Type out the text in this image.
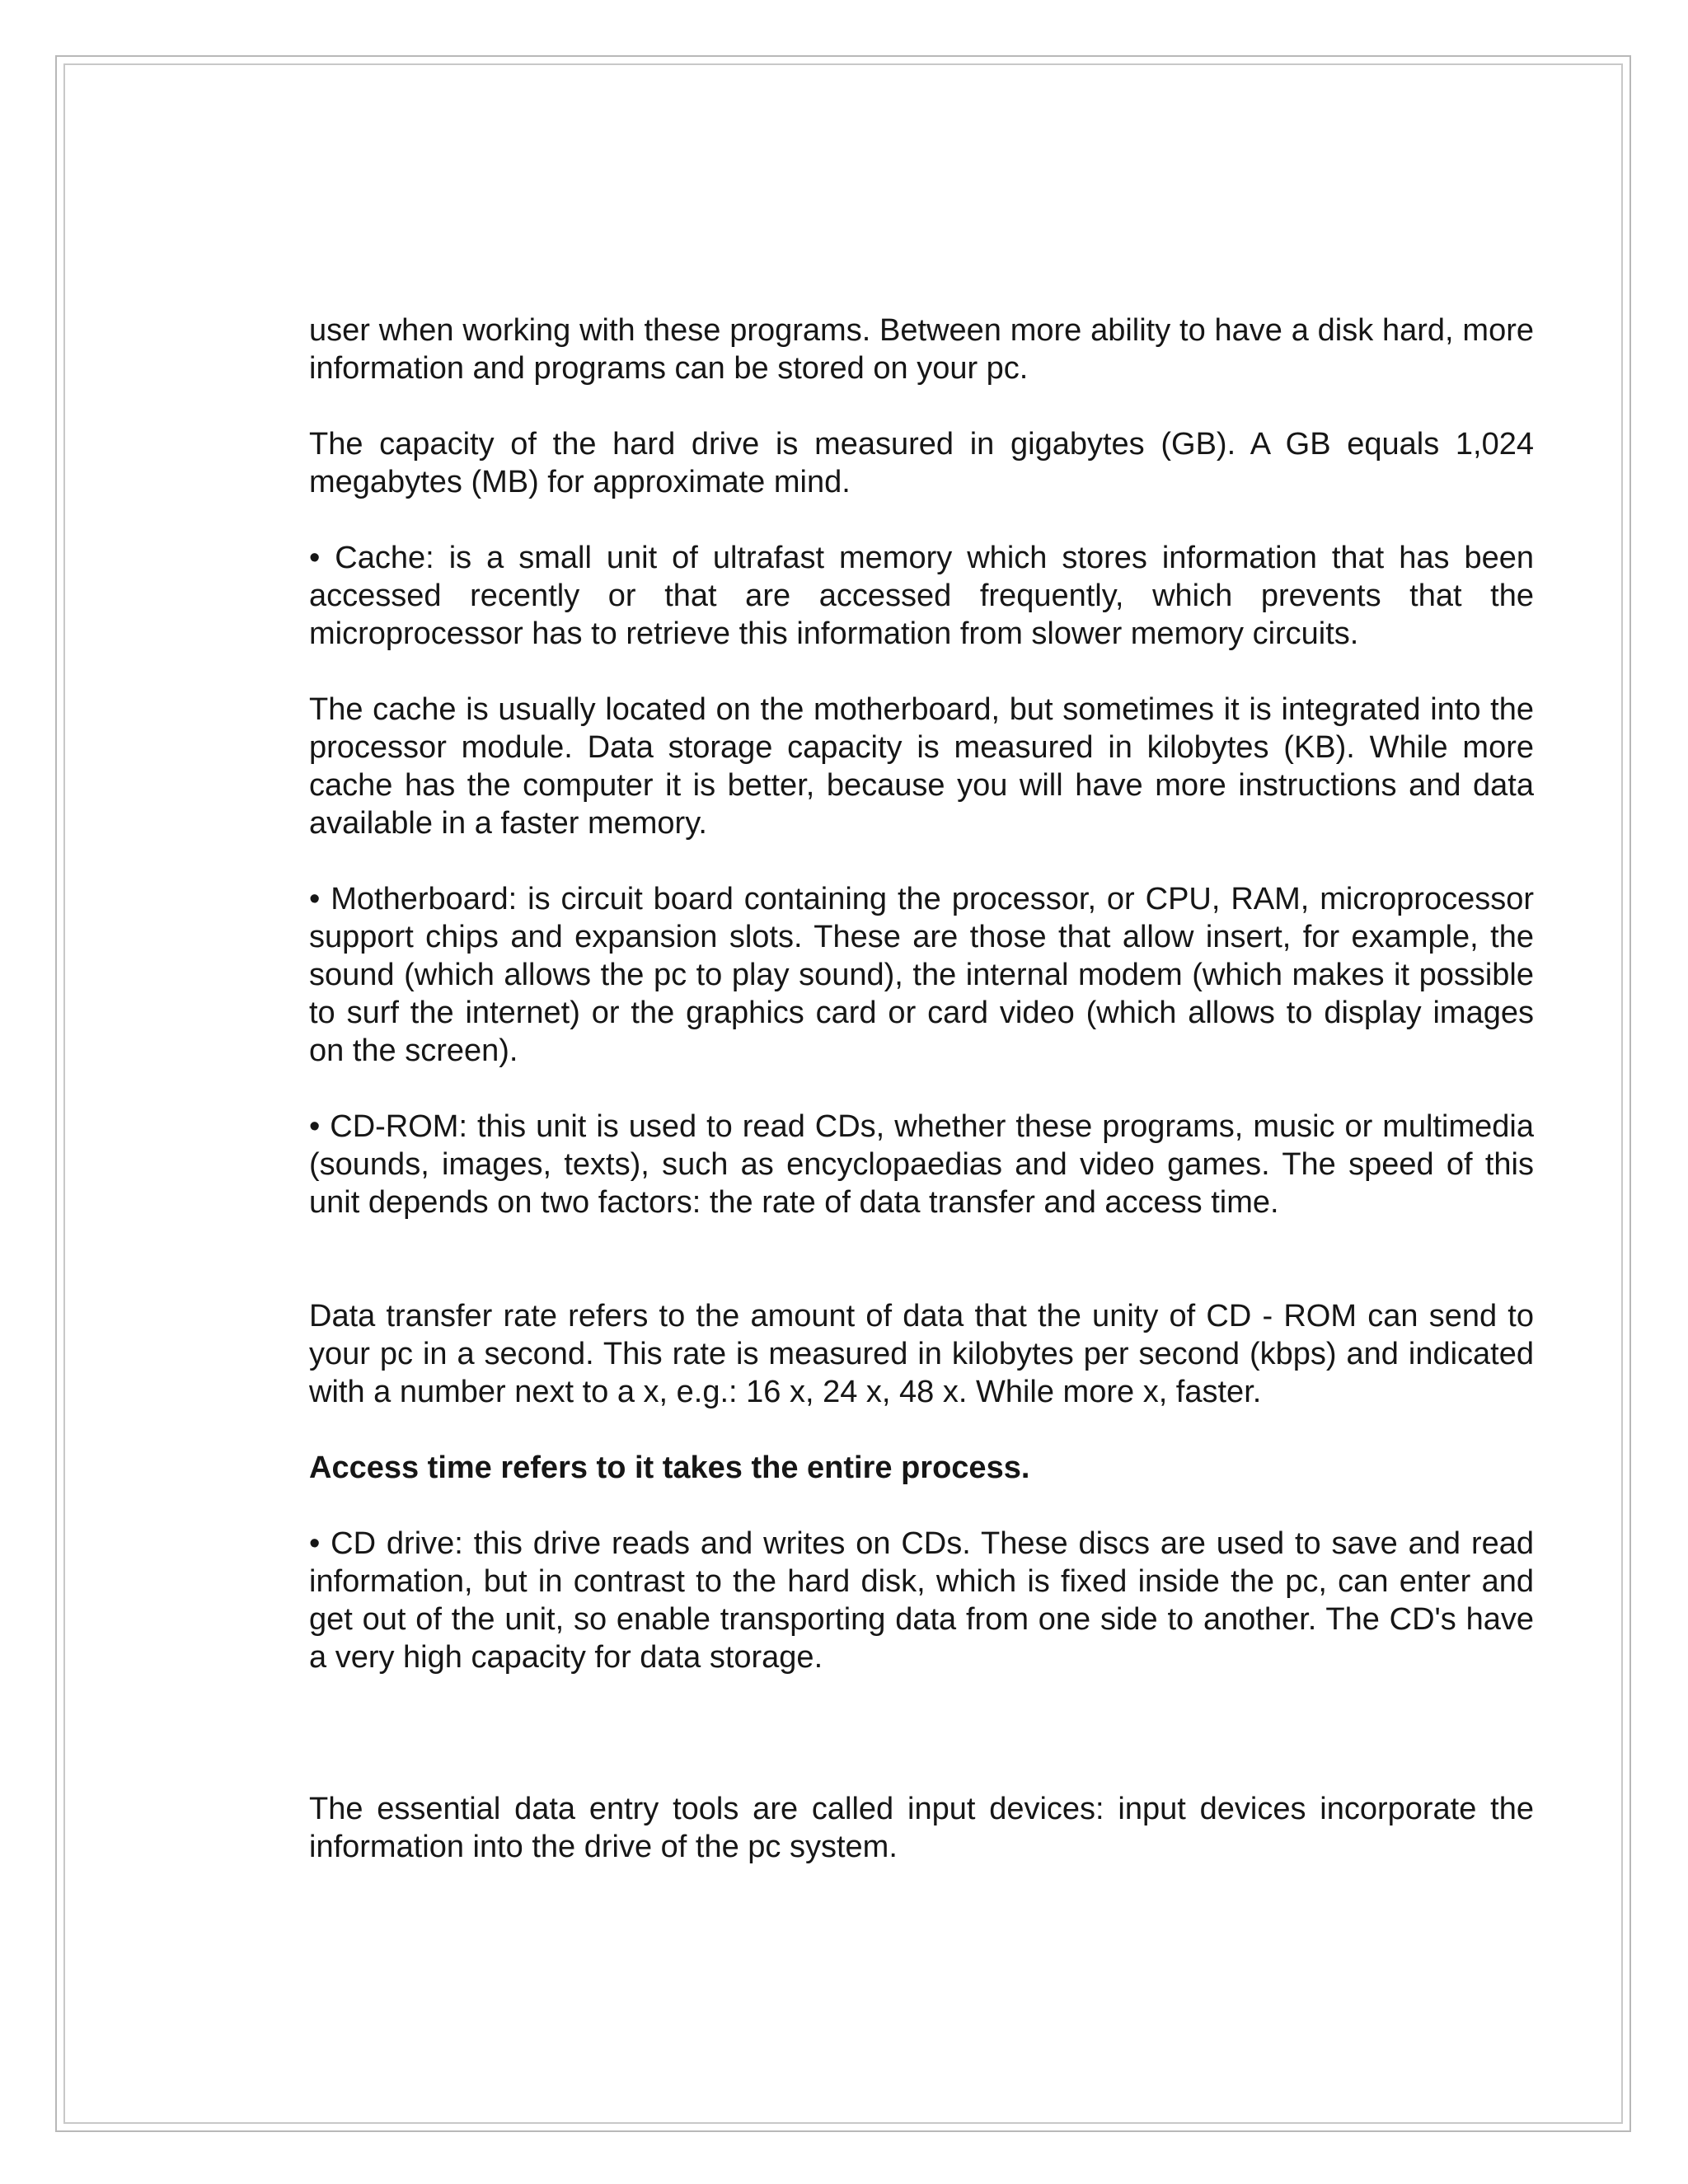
user when working with these programs. Between more ability to have a disk hard, more information and programs can be stored on your pc.

The capacity of the hard drive is measured in gigabytes (GB). A GB equals 1,024 megabytes (MB) for approximate mind.

• Cache: is a small unit of ultrafast memory which stores information that has been accessed recently or that are accessed frequently, which prevents that the microprocessor has to retrieve this information from slower memory circuits.

The cache is usually located on the motherboard, but sometimes it is integrated into the processor module. Data storage capacity is measured in kilobytes (KB). While more cache has the computer it is better, because you will have more instructions and data available in a faster memory.

• Motherboard: is circuit board containing the processor, or CPU, RAM, microprocessor support chips and expansion slots. These are those that allow insert, for example, the sound (which allows the pc to play sound), the internal modem (which makes it possible to surf the internet) or the graphics card or card video (which allows to display images on the screen).

• CD-ROM: this unit is used to read CDs, whether these programs, music or multimedia (sounds, images, texts), such as encyclopaedias and video games. The speed of this unit depends on two factors: the rate of data transfer and access time.

Data transfer rate refers to the amount of data that the unity of CD - ROM can send to your pc in a second. This rate is measured in kilobytes per second (kbps) and indicated with a number next to a x, e.g.: 16 x, 24 x, 48 x. While more x, faster.

Access time refers to it takes the entire process.

• CD drive: this drive reads and writes on CDs. These discs are used to save and read information, but in contrast to the hard disk, which is fixed inside the pc, can enter and get out of the unit, so enable transporting data from one side to another. The CD's have a very high capacity for data storage.

The essential data entry tools are called input devices: input devices incorporate the information into the drive of the pc system.
